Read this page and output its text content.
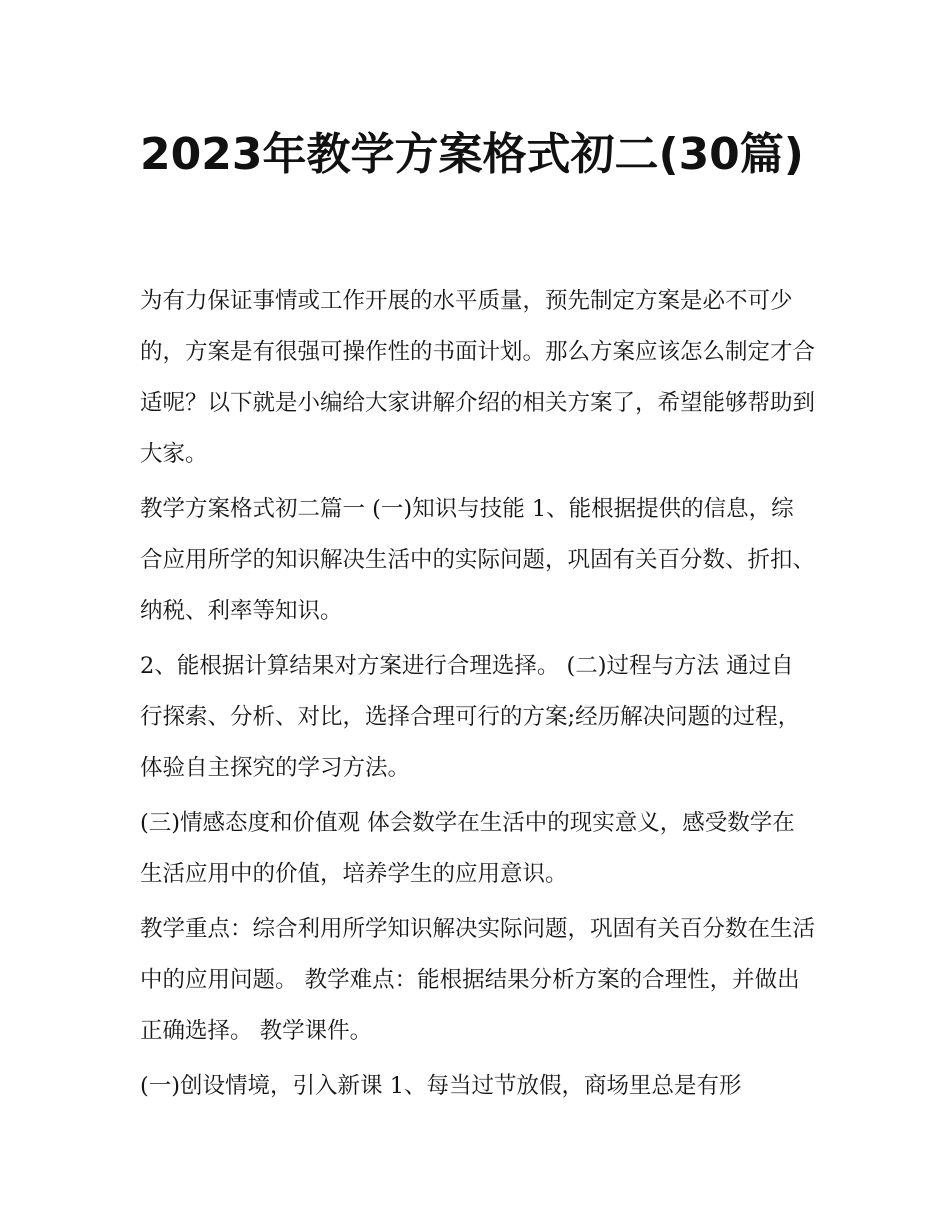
2023年教学方案格式初二(30篇)

为有力保证事情或工作开展的水平质量，预先制定方案是必不可少的，方案是有很强可操作性的书面计划。那么方案应该怎么制定才合适呢？以下就是小编给大家讲解介绍的相关方案了，希望能够帮助到大家。

教学方案格式初二篇一 (一)知识与技能 1、能根据提供的信息，综合应用所学的知识解决生活中的实际问题，巩固有关百分数、折扣、纳税、利率等知识。

2、能根据计算结果对方案进行合理选择。 (二)过程与方法 通过自行探索、分析、对比，选择合理可行的方案;经历解决问题的过程，体验自主探究的学习方法。

(三)情感态度和价值观 体会数学在生活中的现实意义，感受数学在生活应用中的价值，培养学生的应用意识。

教学重点：综合利用所学知识解决实际问题，巩固有关百分数在生活中的应用问题。 教学难点：能根据结果分析方案的合理性，并做出正确选择。 教学课件。

(一)创设情境，引入新课 1、每当过节放假，商场里总是有形
